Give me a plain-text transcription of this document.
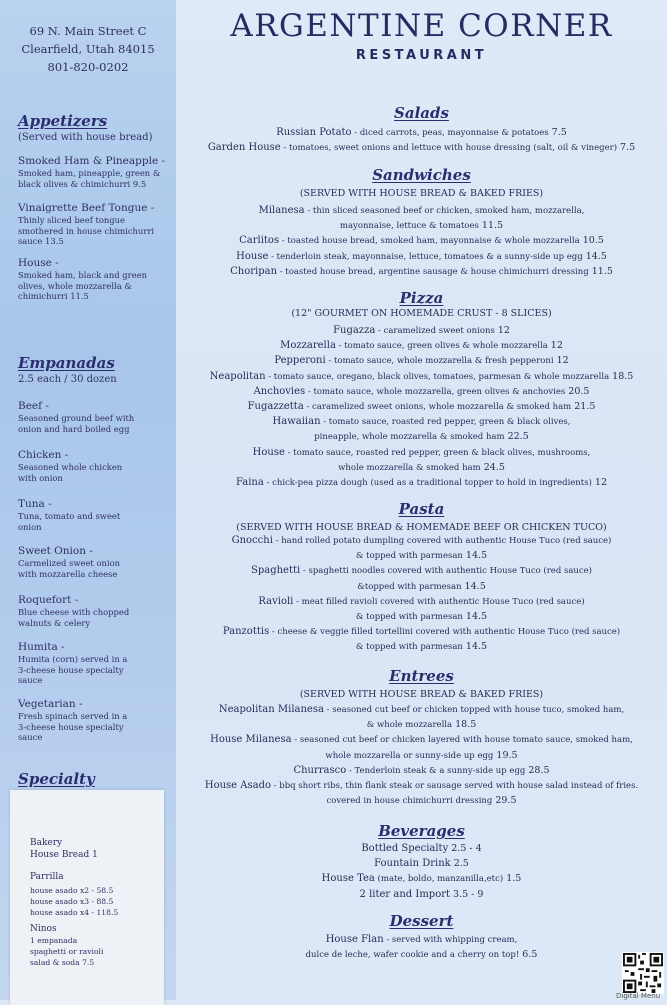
69 N. Main Street C
Clearfield, Utah 84015
801-820-0202
Appetizers
(Served with house bread)
Smoked Ham & Pineapple -
Smoked ham, pineapple, green &
black olives & chimichurri 9.5
Vinaigrette Beef Tongue -
Thinly sliced beef tongue
smothered in house chimichurri
sauce 13.5
House -
Smoked ham, black and green
olives, whole mozzarella &
chimichurri 11.5
Empanadas
2.5 each / 30 dozen
Beef -
Seasoned ground beef with
onion and hard boiled egg
Chicken -
Seasoned whole chicken
with onion
Tuna -
Tuna, tomato and sweet
onion
Sweet Onion -
Carmelized sweet onion
with mozzarella cheese
Roquefort -
Blue cheese with chopped
walnuts & celery
Humita -
Humita (corn) served in a
3-cheese house specialty
sauce
Vegetarian -
Fresh spinach served in a
3-cheese house specialty
sauce
Specialty
Bakery
House Bread 1
Parrilla
house asado x2 - 58.5
house asado x3 - 88.5
house asado x4 - 118.5
Ninos
1 empanada
spaghetti or ravioli
salad & soda 7.5
ARGENTINE CORNER
RESTAURANT
Salads
Russian Potato - diced carrots, peas, mayonnaise & potatoes 7.5
Garden House - tomatoes, sweet onions and lettuce with house dressing (salt, oil & vineger) 7.5
Sandwiches
(SERVED WITH HOUSE BREAD & BAKED FRIES)
Milanesa - thin sliced seasoned beef or chicken, smoked ham, mozzarella,
mayonnaise, lettuce & tomatoes 11.5
Carlitos - toasted house bread, smoked ham, mayonnaise & whole mozzarella 10.5
House - tenderloin steak, mayonnaise, lettuce, tomatoes & a sunny-side up egg 14.5
Choripan - toasted house bread, argentine sausage & house chimichurri dressing 11.5
Pizza
(12" GOURMET ON HOMEMADE CRUST - 8 SLICES)
Fugazza - caramelized sweet onions 12
Mozzarella - tomato sauce, green olives & whole mozzarella 12
Pepperoni - tomato sauce, whole mozzarella & fresh pepperoni 12
Neapolitan - tomato sauce, oregano, black olives, tomatoes, parmesan & whole mozzarella 18.5
Anchovies - tomato sauce, whole mozzarella, green olives & anchovies 20.5
Fugazzetta - caramelized sweet onions, whole mozzarella & smoked ham 21.5
Hawaiian - tomato sauce, roasted red pepper, green & black olives,
pineapple, whole mozzarella & smoked ham 22.5
House - tomato sauce, roasted red pepper, green & black olives, mushrooms,
whole mozzarella & smoked ham 24.5
Faina - chick-pea pizza dough (used as a traditional topper to hold in ingredients) 12
Pasta
(SERVED WITH HOUSE BREAD & HOMEMADE BEEF OR CHICKEN TUCO)
Gnocchi - hand rolled potato dumpling covered with authentic House Tuco (red sauce)
& topped with parmesan 14.5
Spaghetti - spaghetti noodles covered with authentic House Tuco (red sauce)
&topped with parmesan 14.5
Ravioli - meat filled ravioli covered with authentic House Tuco (red sauce)
& topped with parmesan 14.5
Panzottis - cheese & veggie filled tortellini covered with authentic House Tuco (red sauce)
& topped with parmesan 14.5
Entrees
(SERVED WITH HOUSE BREAD & BAKED FRIES)
Neapolitan Milanesa - seasoned cut beef or chicken topped with house tuco, smoked ham,
& whole mozzarella 18.5
House Milanesa - seasoned cut beef or chicken layered with house tomato sauce, smoked ham,
whole mozzarella or sunny-side up egg 19.5
Churrasco - Tenderloin steak & a sunny-side up egg 28.5
House Asado - bbq short ribs, thin flank steak or sausage served with house salad instead of fries.
covered in house chimichurri dressing 29.5
Beverages
Bottled Specialty 2.5 - 4
Fountain Drink 2.5
House Tea (mate, boldo, manzanilla,etc) 1.5
2 liter and Import 3.5 - 9
Dessert
House Flan - served with whipping cream,
dulce de leche, wafer cookie and a cherry on top! 6.5
Digital Menu
